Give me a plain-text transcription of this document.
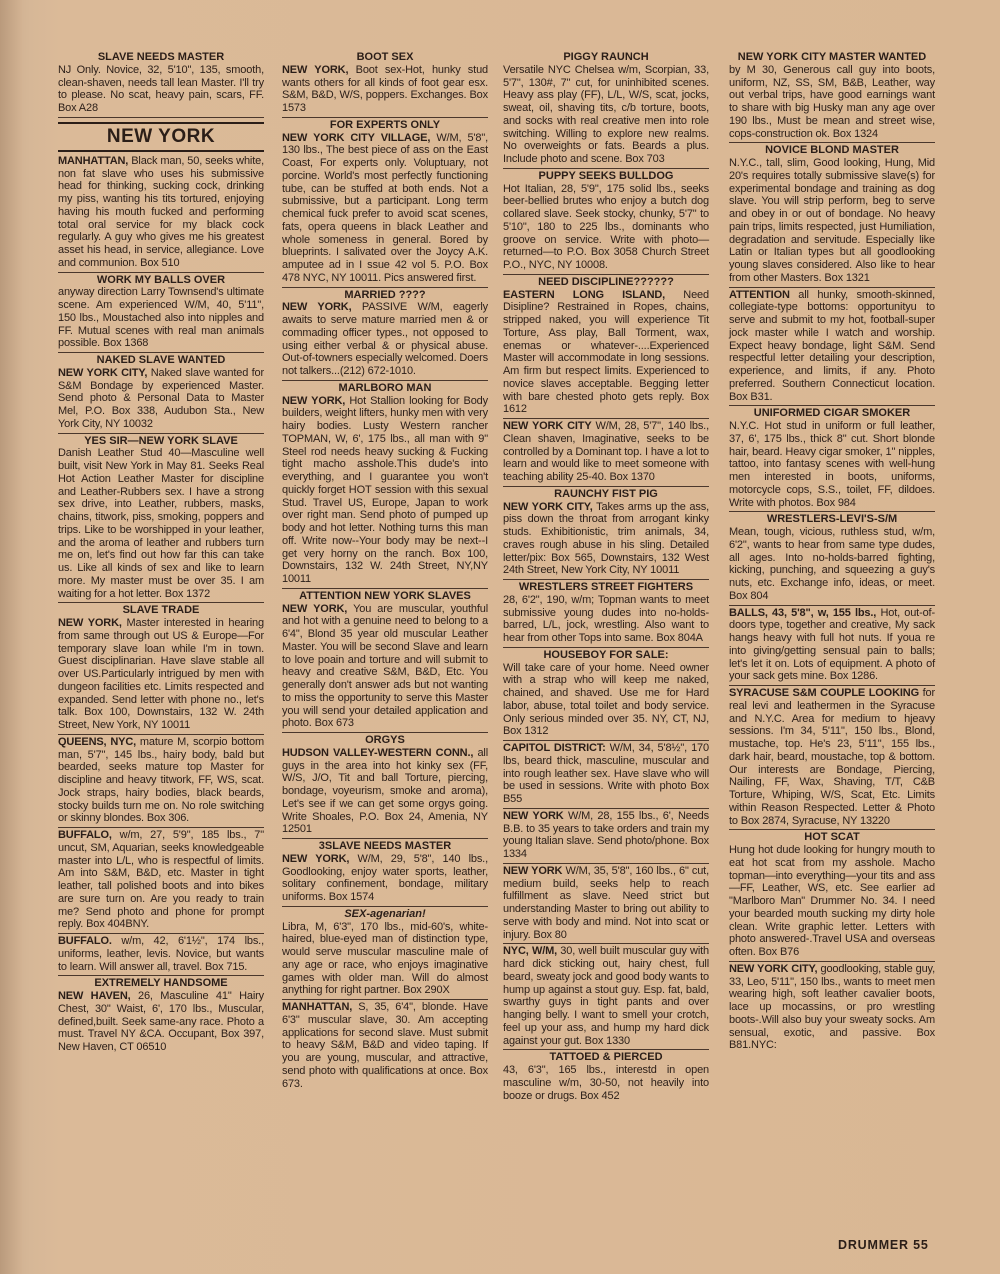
SLAVE NEEDS MASTER
NJ Only. Novice, 32, 5'10", 135, smooth, clean-shaven, needs tall lean Master. I'll try to please. No scat, heavy pain, scars, FF. Box A28
NEW YORK
MANHATTAN, Black man, 50, seeks white, non fat slave who uses his submissive head for thinking, sucking cock, drinking my piss, wanting his tits tortured, enjoying having his mouth fucked and performing total oral service for my black cock regularly. A guy who gives me his greatest asset his head, in service, allegiance. Love and communion. Box 510
WORK MY BALLS OVER
anyway direction Larry Townsend's ultimate scene. Am experienced W/M, 40, 5'11", 150 lbs., Moustached also into nipples and FF. Mutual scenes with real man animals possible. Box 1368
NAKED SLAVE WANTED
NEW YORK CITY, Naked slave wanted for S&M Bondage by experienced Master. Send photo & Personal Data to Master Mel, P.O. Box 338, Audubon Sta., New York City, NY 10032
YES SIR—NEW YORK SLAVE
Danish Leather Stud 40—Masculine well built, visit New York in May 81. Seeks Real Hot Action Leather Master for discipline and Leather-Rubbers sex. I have a strong sex drive, into Leather, rubbers, masks, chains, titwork, piss, smoking, poppers and trips. Like to be worshipped in your leather, and the aroma of leather and rubbers turn me on, let's find out how far this can take us. Like all kinds of sex and like to learn more. My master must be over 35. I am waiting for a hot letter. Box 1372
SLAVE TRADE
NEW YORK, Master interested in hearing from same through out US & Europe—For temporary slave loan while I'm in town. Guest disciplinarian. Have slave stable all over US.Particularly intrigued by men with dungeon facilities etc. Limits respected and expanded. Send letter with phone no., let's talk. Box 100, Downstairs, 132 W. 24th Street, New York, NY 10011
QUEENS, NYC, mature M, scorpio bottom man, 5'7", 145 lbs., hairy body, bald but bearded, seeks mature top Master for discipline and heavy titwork, FF, WS, scat. Jock straps, hairy bodies, black beards, stocky builds turn me on. No role switching or skinny blondes. Box 306.
BUFFALO, w/m, 27, 5'9", 185 lbs., 7" uncut, SM, Aquarian, seeks knowledgeable master into L/L, who is respectful of limits. Am into S&M, B&D, etc. Master in tight leather, tall polished boots and into bikes are sure turn on. Are you ready to train me? Send photo and phone for prompt reply. Box 404BNY.
BUFFALO. w/m, 42, 6'1½", 174 lbs., uniforms, leather, levis. Novice, but wants to learn. Will answer all, travel. Box 715.
EXTREMELY HANDSOME
NEW HAVEN, 26, Masculine 41" Hairy Chest, 30" Waist, 6', 170 lbs., Muscular, defined,built. Seek same-any race. Photo a must. Travel NY &CA. Occupant, Box 397, New Haven, CT 06510
BOOT SEX
NEW YORK, Boot sex-Hot, hunky stud wants others for all kinds of foot gear esx. S&M, B&D, W/S, poppers. Exchanges. Box 1573
FOR EXPERTS ONLY
NEW YORK CITY VILLAGE, W/M, 5'8", 130 lbs., The best piece of ass on the East Coast, For experts only. Voluptuary, not porcine. World's most perfectly functioning tube, can be stuffed at both ends. Not a submissive, but a participant. Long term chemical fuck prefer to avoid scat scenes, fats, opera queens in black Leather and whole someness in general. Bored by blueprints. I salivated over the Joycy A.K. amputee ad in I ssue 42 vol 5. P.O. Box 478 NYC, NY 10011. Pics answered first.
MARRIED ????
NEW YORK, PASSIVE W/M, eagerly awaits to serve mature married men & or commading officer types., not opposed to using either verbal & or physical abuse. Out-of-towners especially welcomed. Doers not talkers...(212) 672-1010.
MARLBORO MAN
NEW YORK, Hot Stallion looking for Body builders, weight lifters, hunky men with very hairy bodies. Lusty Western rancher TOPMAN, W, 6', 175 lbs., all man with 9" Steel rod needs heavy sucking & Fucking tight macho asshole.This dude's into everything, and I guarantee you won't quickly forget HOT session with this sexual Stud. Travel US, Europe, Japan to work over right man. Send photo of pumped up body and hot letter. Nothing turns this man off. Write now--Your body may be next--I get very horny on the ranch. Box 100, Downstairs, 132 W. 24th Street, NY,NY 10011
ATTENTION NEW YORK SLAVES
NEW YORK, You are muscular, youthful and hot with a genuine need to belong to a 6'4", Blond 35 year old muscular Leather Master. You will be second Slave and learn to love poain and torture and will submit to heavy and creative S&M, B&D, Etc. You generally don't answer ads but not wanting to miss the opportunity to serve this Master you will send your detailed application and photo. Box 673
ORGYS
HUDSON VALLEY-WESTERN CONN., all guys in the area into hot kinky sex (FF, W/S, J/O, Tit and ball Torture, piercing, bondage, voyeurism, smoke and aroma), Let's see if we can get some orgys going. Write Shoales, P.O. Box 24, Amenia, NY 12501
3SLAVE NEEDS MASTER
NEW YORK, W/M, 29, 5'8", 140 lbs., Goodlooking, enjoy water sports, leather, solitary confinement, bondage, military uniforms. Box 1574
SEX-agenarian!
Libra, M, 6'3", 170 lbs., mid-60's, white-haired, blue-eyed man of distinction type, would serve muscular masculine male of any age or race, who enjoys imaginative games with older man. Will do almost anything for right partner. Box 290X
MANHATTAN, S, 35, 6'4", blonde. Have 6'3" muscular slave, 30. Am accepting applications for second slave. Must submit to heavy S&M, B&D and video taping. If you are young, muscular, and attractive, send photo with qualifications at once. Box 673.
PIGGY RAUNCH
Versatile NYC Chelsea w/m, Scorpian, 33, 5'7", 130#, 7" cut, for uninhibited scenes. Heavy ass play (FF), L/L, W/S, scat, jocks, sweat, oil, shaving tits, c/b torture, boots, and socks with real creative men into role switching. Willing to explore new realms. No overweights or fats. Beards a plus. Include photo and scene. Box 703
PUPPY SEEKS BULLDOG
Hot Italian, 28, 5'9", 175 solid lbs., seeks beer-bellied brutes who enjoy a butch dog collared slave. Seek stocky, chunky, 5'7" to 5'10", 180 to 225 lbs., dominants who groove on service. Write with photo—returned—to P.O. Box 3058 Church Street P.O., NYC, NY 10008.
NEED DISCIPLINE??????
EASTERN LONG ISLAND, Need Disipline? Restrained in Ropes, chains, stripped naked, you will experience Tit Torture, Ass play, Ball Torment, wax, enemas or whatever-....Experienced Master will accommodate in long sessions. Am firm but respect limits. Experienced to novice slaves acceptable. Begging letter with bare chested photo gets reply. Box 1612
NEW YORK CITY W/M, 28, 5'7", 140 lbs., Clean shaven, Imaginative, seeks to be controlled by a Dominant top. I have a lot to learn and would like to meet someone with teaching ability 25-40. Box 1370
RAUNCHY FIST PIG
NEW YORK CITY, Takes arms up the ass, piss down the throat from arrogant kinky studs. Exhibitionistic, trim animals, 34, craves rough abuse in his sling. Detailed letter/pix: Box 565, Downstairs, 132 West 24th Street, New York City, NY 10011
WRESTLERS STREET FIGHTERS
28, 6'2", 190, w/m; Topman wants to meet submissive young dudes into no-holds-barred, L/L, jock, wrestling. Also want to hear from other Tops into same. Box 804A
HOUSEBOY FOR SALE:
Will take care of your home. Need owner with a strap who will keep me naked, chained, and shaved. Use me for Hard labor, abuse, total toilet and body service. Only serious minded over 35. NY, CT, NJ, Box 1312
CAPITOL DISTRICT: W/M, 34, 5'8½", 170 lbs, beard thick, masculine, muscular and into rough leather sex. Have slave who will be used in sessions. Write with photo Box B55
NEW YORK W/M, 28, 155 lbs., 6', Needs B.B. to 35 years to take orders and train my young Italian slave. Send photo/phone. Box 1334
NEW YORK W/M, 35, 5'8", 160 lbs., 6" cut, medium build, seeks help to reach fulfillment as slave. Need strict but understanding Master to bring out ability to serve with body and mind. Not into scat or injury. Box 80
NYC, W/M, 30, well built muscular guy with hard dick sticking out, hairy chest, full beard, sweaty jock and good body wants to hump up against a stout guy. Esp. fat, bald, swarthy guys in tight pants and over hanging belly. I want to smell your crotch, feel up your ass, and hump my hard dick against your gut. Box 1330
TATTOED & PIERCED
43, 6'3", 165 lbs., interestd in open masculine w/m, 30-50, not heavily into booze or drugs. Box 452
NEW YORK CITY MASTER WANTED
by M 30, Generous call guy into boots, uniform, NZ, SS, SM, B&B, Leather, way out verbal trips, have good earnings want to share with big Husky man any age over 190 lbs., Must be mean and street wise, cops-construction ok. Box 1324
NOVICE BLOND MASTER
N.Y.C., tall, slim, Good looking, Hung, Mid 20's requires totally submissive slave(s) for experimental bondage and training as dog slave. You will strip perform, beg to serve and obey in or out of bondage. No heavy pain trips, limits respected, just Humiliation, degradation and servitude. Especially like Latin or Italian types but all goodlooking young slaves considered. Also like to hear from other Masters. Box 1321
ATTENTION all hunky, smooth-skinned, collegiate-type bottoms: opportunityu to serve and submit to my hot, football-super jock master while I watch and worship. Expect heavy bondage, light S&M. Send respectful letter detailing your description, experience, and limits, if any. Photo preferred. Southern Connecticut location. Box B31.
UNIFORMED CIGAR SMOKER
N.Y.C. Hot stud in uniform or full leather, 37, 6', 175 lbs., thick 8" cut. Short blonde hair, beard. Heavy cigar smoker, 1" nipples, tattoo, into fantasy scenes with well-hung men interested in boots, uniforms, motorcycle cops, S.S., toilet, FF, dildoes. Write with photos. Box 984
WRESTLERS-LEVI'S-S/M
Mean, tough, vicious, ruthless stud, w/m, 6'2", wants to hear from same type dudes, all ages. Into no-holds-barred fighting, kicking, punching, and squeezing a guy's nuts, etc. Exchange info, ideas, or meet. Box 804
BALLS, 43, 5'8", w, 155 lbs., Hot, out-of-doors type, together and creative, My sack hangs heavy with full hot nuts. If youa re into giving/getting sensual pain to balls; let's let it on. Lots of equipment. A photo of your sack gets mine. Box 1286.
SYRACUSE S&M COUPLE LOOKING for real levi and leathermen in the Syracuse and N.Y.C. Area for medium to hjeavy sessions. I'm 34, 5'11", 150 lbs., Blond, mustache, top. He's 23, 5'11", 155 lbs., dark hair, beard, moustache, top & bottom. Our interests are Bondage, Piercing, Nailing, FF, Wax, Shaving, T/T, C&B Torture, Whiping, W/S, Scat, Etc. Limits within Reason Respected. Letter & Photo to Box 2874, Syracuse, NY 13220
HOT SCAT
Hung hot dude looking for hungry mouth to eat hot scat from my asshole. Macho topman—into everything—your tits and ass—FF, Leather, WS, etc. See earlier ad "Marlboro Man" Drummer No. 34. I need your bearded mouth sucking my dirty hole clean. Write graphic letter. Letters with photo answered-.Travel USA and overseas often. Box B76
NEW YORK CITY, goodlooking, stable guy, 33, Leo, 5'11", 150 lbs., wants to meet men wearing high, soft leather cavalier boots, lace up mocassins, or pro wrestling boots-.Will also buy your sweaty socks. Am sensual, exotic, and passive. Box B81.NYC:
DRUMMER 55
